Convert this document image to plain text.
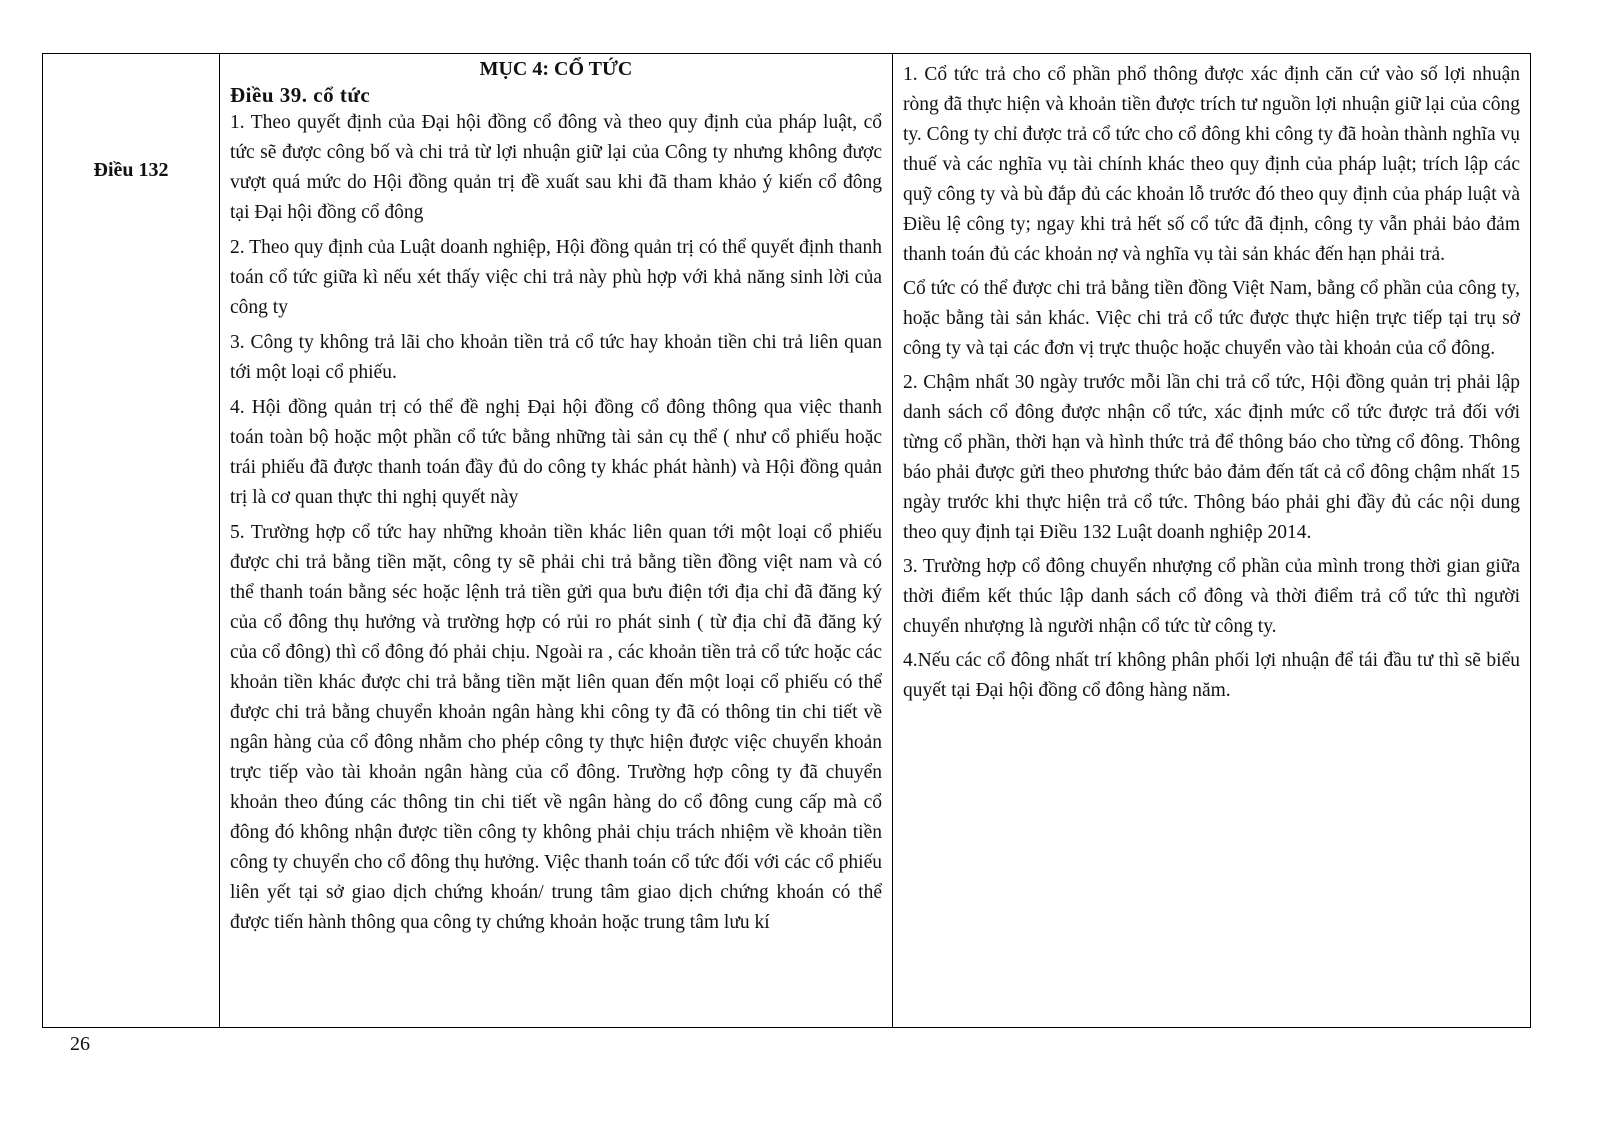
Điều 132
MỤC 4: CỔ TỨC
Điều 39. cổ tức

1. Theo quyết định của Đại hội đồng cổ đông và theo quy định của pháp luật, cổ tức sẽ được công bố và chi trả từ lợi nhuận giữ lại của Công ty nhưng không được vượt quá mức do Hội đồng quản trị đề xuất sau khi đã tham khảo ý kiến cổ đông tại Đại hội đồng cổ đông

2. Theo quy định của Luật doanh nghiệp, Hội đồng quản trị có thể quyết định thanh toán cổ tức giữa kì nếu xét thấy việc chi trả này phù hợp với khả năng sinh lời của công ty

3. Công ty không trả lãi cho khoản tiền trả cổ tức hay khoản tiền chi trả liên quan tới một loại cổ phiếu.

4. Hội đồng quản trị có thể đề nghị Đại hội đồng cổ đông thông qua việc thanh toán toàn bộ hoặc một phần cổ tức bằng những tài sản cụ thể ( như cổ phiếu hoặc trái phiếu đã được thanh toán đầy đủ do công ty khác phát hành) và Hội đồng quản trị là cơ quan thực thi nghị quyết này

5. Trường hợp cổ tức hay những khoản tiền khác liên quan tới một loại cổ phiếu được chi trả bằng tiền mặt, công ty sẽ phải chi trả bằng tiền đồng việt nam và có thể thanh toán bằng séc hoặc lệnh trả tiền gửi qua bưu điện tới địa chỉ đã đăng ký của cổ đông thụ hưởng và trường hợp có rủi ro phát sinh ( từ địa chỉ đã đăng ký của cổ đông) thì cổ đông đó phải chịu. Ngoài ra , các khoản tiền trả cổ tức hoặc các khoản tiền khác được chi trả bằng tiền mặt liên quan đến một loại cổ phiếu có thể được chi trả bằng chuyển khoản ngân hàng khi công ty đã có thông tin chi tiết về ngân hàng của cổ đông nhằm cho phép công ty thực hiện được việc chuyển khoản trực tiếp vào tài khoản ngân hàng của cổ đông. Trường hợp công ty đã chuyển khoản theo đúng các thông tin chi tiết về ngân hàng do cổ đông cung cấp mà cổ đông đó không nhận được tiền công ty không phải chịu trách nhiệm về khoản tiền công ty chuyển cho cổ đông thụ hưởng. Việc thanh toán cổ tức đối với các cổ phiếu liên yết tại sở giao dịch chứng khoán/ trung tâm giao dịch chứng khoán có thể được tiến hành thông qua công ty chứng khoản hoặc trung tâm lưu kí

1. Cổ tức trả cho cổ phần phổ thông được xác định căn cứ vào số lợi nhuận ròng đã thực hiện và khoản tiền được trích tư nguồn lợi nhuận giữ lại của công ty. Công ty chỉ được trả cổ tức cho cổ đông khi công ty đã hoàn thành nghĩa vụ thuế và các nghĩa vụ tài chính khác theo quy định của pháp luật; trích lập các quỹ công ty và bù đắp đủ các khoản lỗ trước đó theo quy định của pháp luật và Điều lệ công ty; ngay khi trả hết số cổ tức đã định, công ty vẫn phải bảo đảm thanh toán đủ các khoản nợ và nghĩa vụ tài sản khác đến hạn phải trả.

Cổ tức có thể được chi trả bằng tiền đồng Việt Nam, bằng cổ phần của công ty, hoặc bằng tài sản khác. Việc chi trả cổ tức được thực hiện trực tiếp tại trụ sở công ty và tại các đơn vị trực thuộc hoặc chuyển vào tài khoản của cổ đông.

2. Chậm nhất 30 ngày trước mỗi lần chi trả cổ tức, Hội đồng quản trị phải lập danh sách cổ đông được nhận cổ tức, xác định mức cổ tức được trả đối với từng cổ phần, thời hạn và hình thức trả để thông báo cho từng cổ đông. Thông báo phải được gửi theo phương thức bảo đảm đến tất cả cổ đông chậm nhất 15 ngày trước khi thực hiện trả cổ tức. Thông báo phải ghi đầy đủ các nội dung theo quy định tại Điều 132 Luật doanh nghiệp 2014.

3. Trường hợp cổ đông chuyển nhượng cổ phần của mình trong thời gian giữa thời điểm kết thúc lập danh sách cổ đông và thời điểm trả cổ tức thì người chuyển nhượng là người nhận cổ tức từ công ty.

4.Nếu các cổ đông nhất trí không phân phối lợi nhuận để tái đầu tư thì sẽ biểu quyết tại Đại hội đồng cổ đông hàng năm.

26
